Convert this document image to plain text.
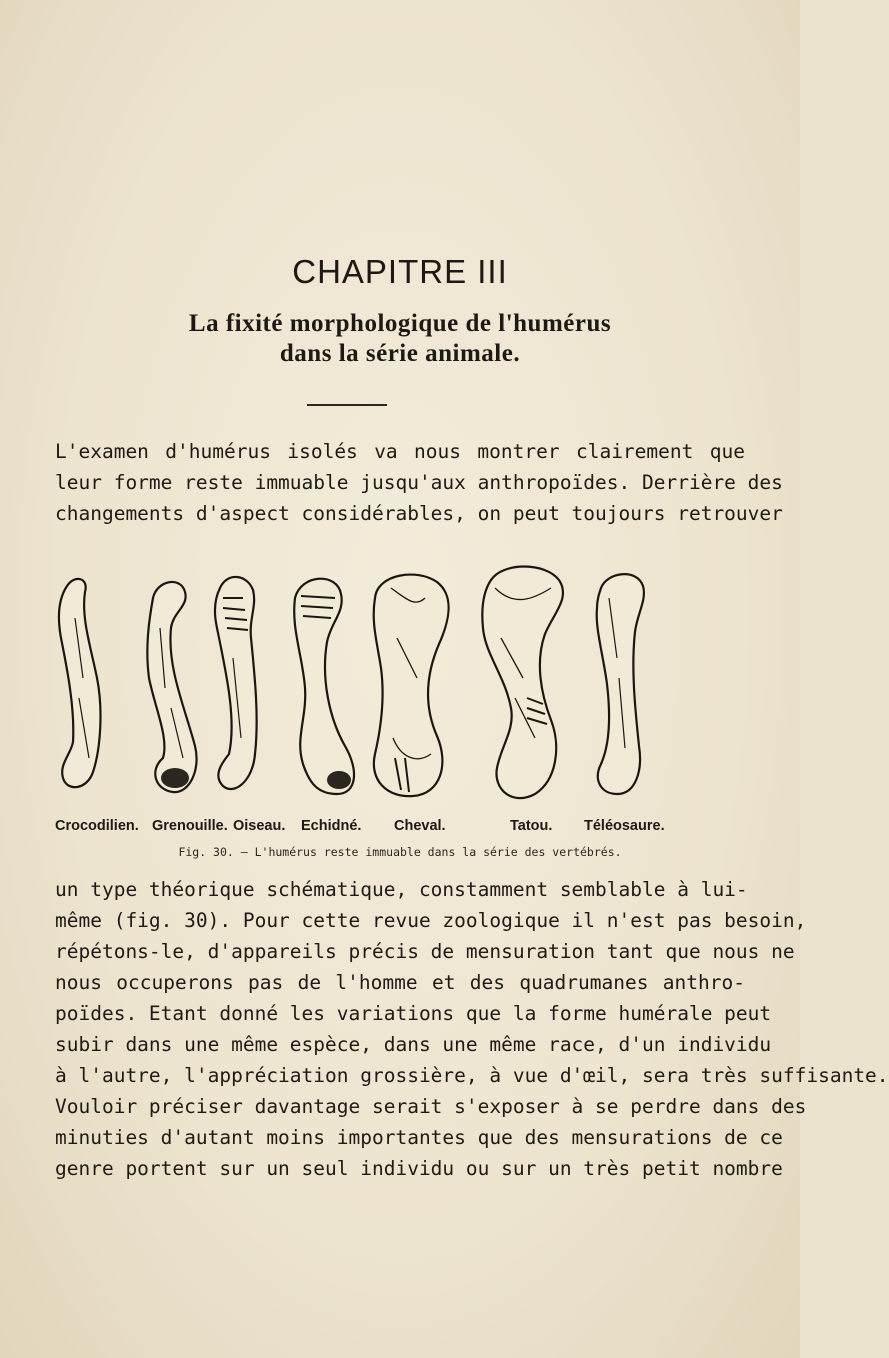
CHAPITRE III
La fixité morphologique de l'humérus
dans la série animale.
L'examen d'humérus isolés va nous montrer clairement que
leur forme reste immuable jusqu'aux anthropoïdes. Derrière des
changements d'aspect considérables, on peut toujours retrouver
Crocodilien. Grenouille. Oiseau. Echidné. Cheval.	Tatou. Téléosaure.
Fig. 30. — L'humérus reste immuable dans la série des vertébrés.
un type théorique schématique, constamment semblable à lui-
même (fig. 30). Pour cette revue zoologique il n'est pas besoin,
répétons-le, d'appareils précis de mensuration tant que nous ne
nous occuperons pas de l'homme et des quadrumanes anthro-
poïdes. Etant donné les variations que la forme humérale peut
subir dans une même espèce, dans une même race, d'un individu
à l'autre, l'appréciation grossière, à vue d'œil, sera très suffisante.
Vouloir préciser davantage serait s'exposer à se perdre dans des
minuties d'autant moins importantes que des mensurations de ce
genre portent sur un seul individu ou sur un très petit nombre
